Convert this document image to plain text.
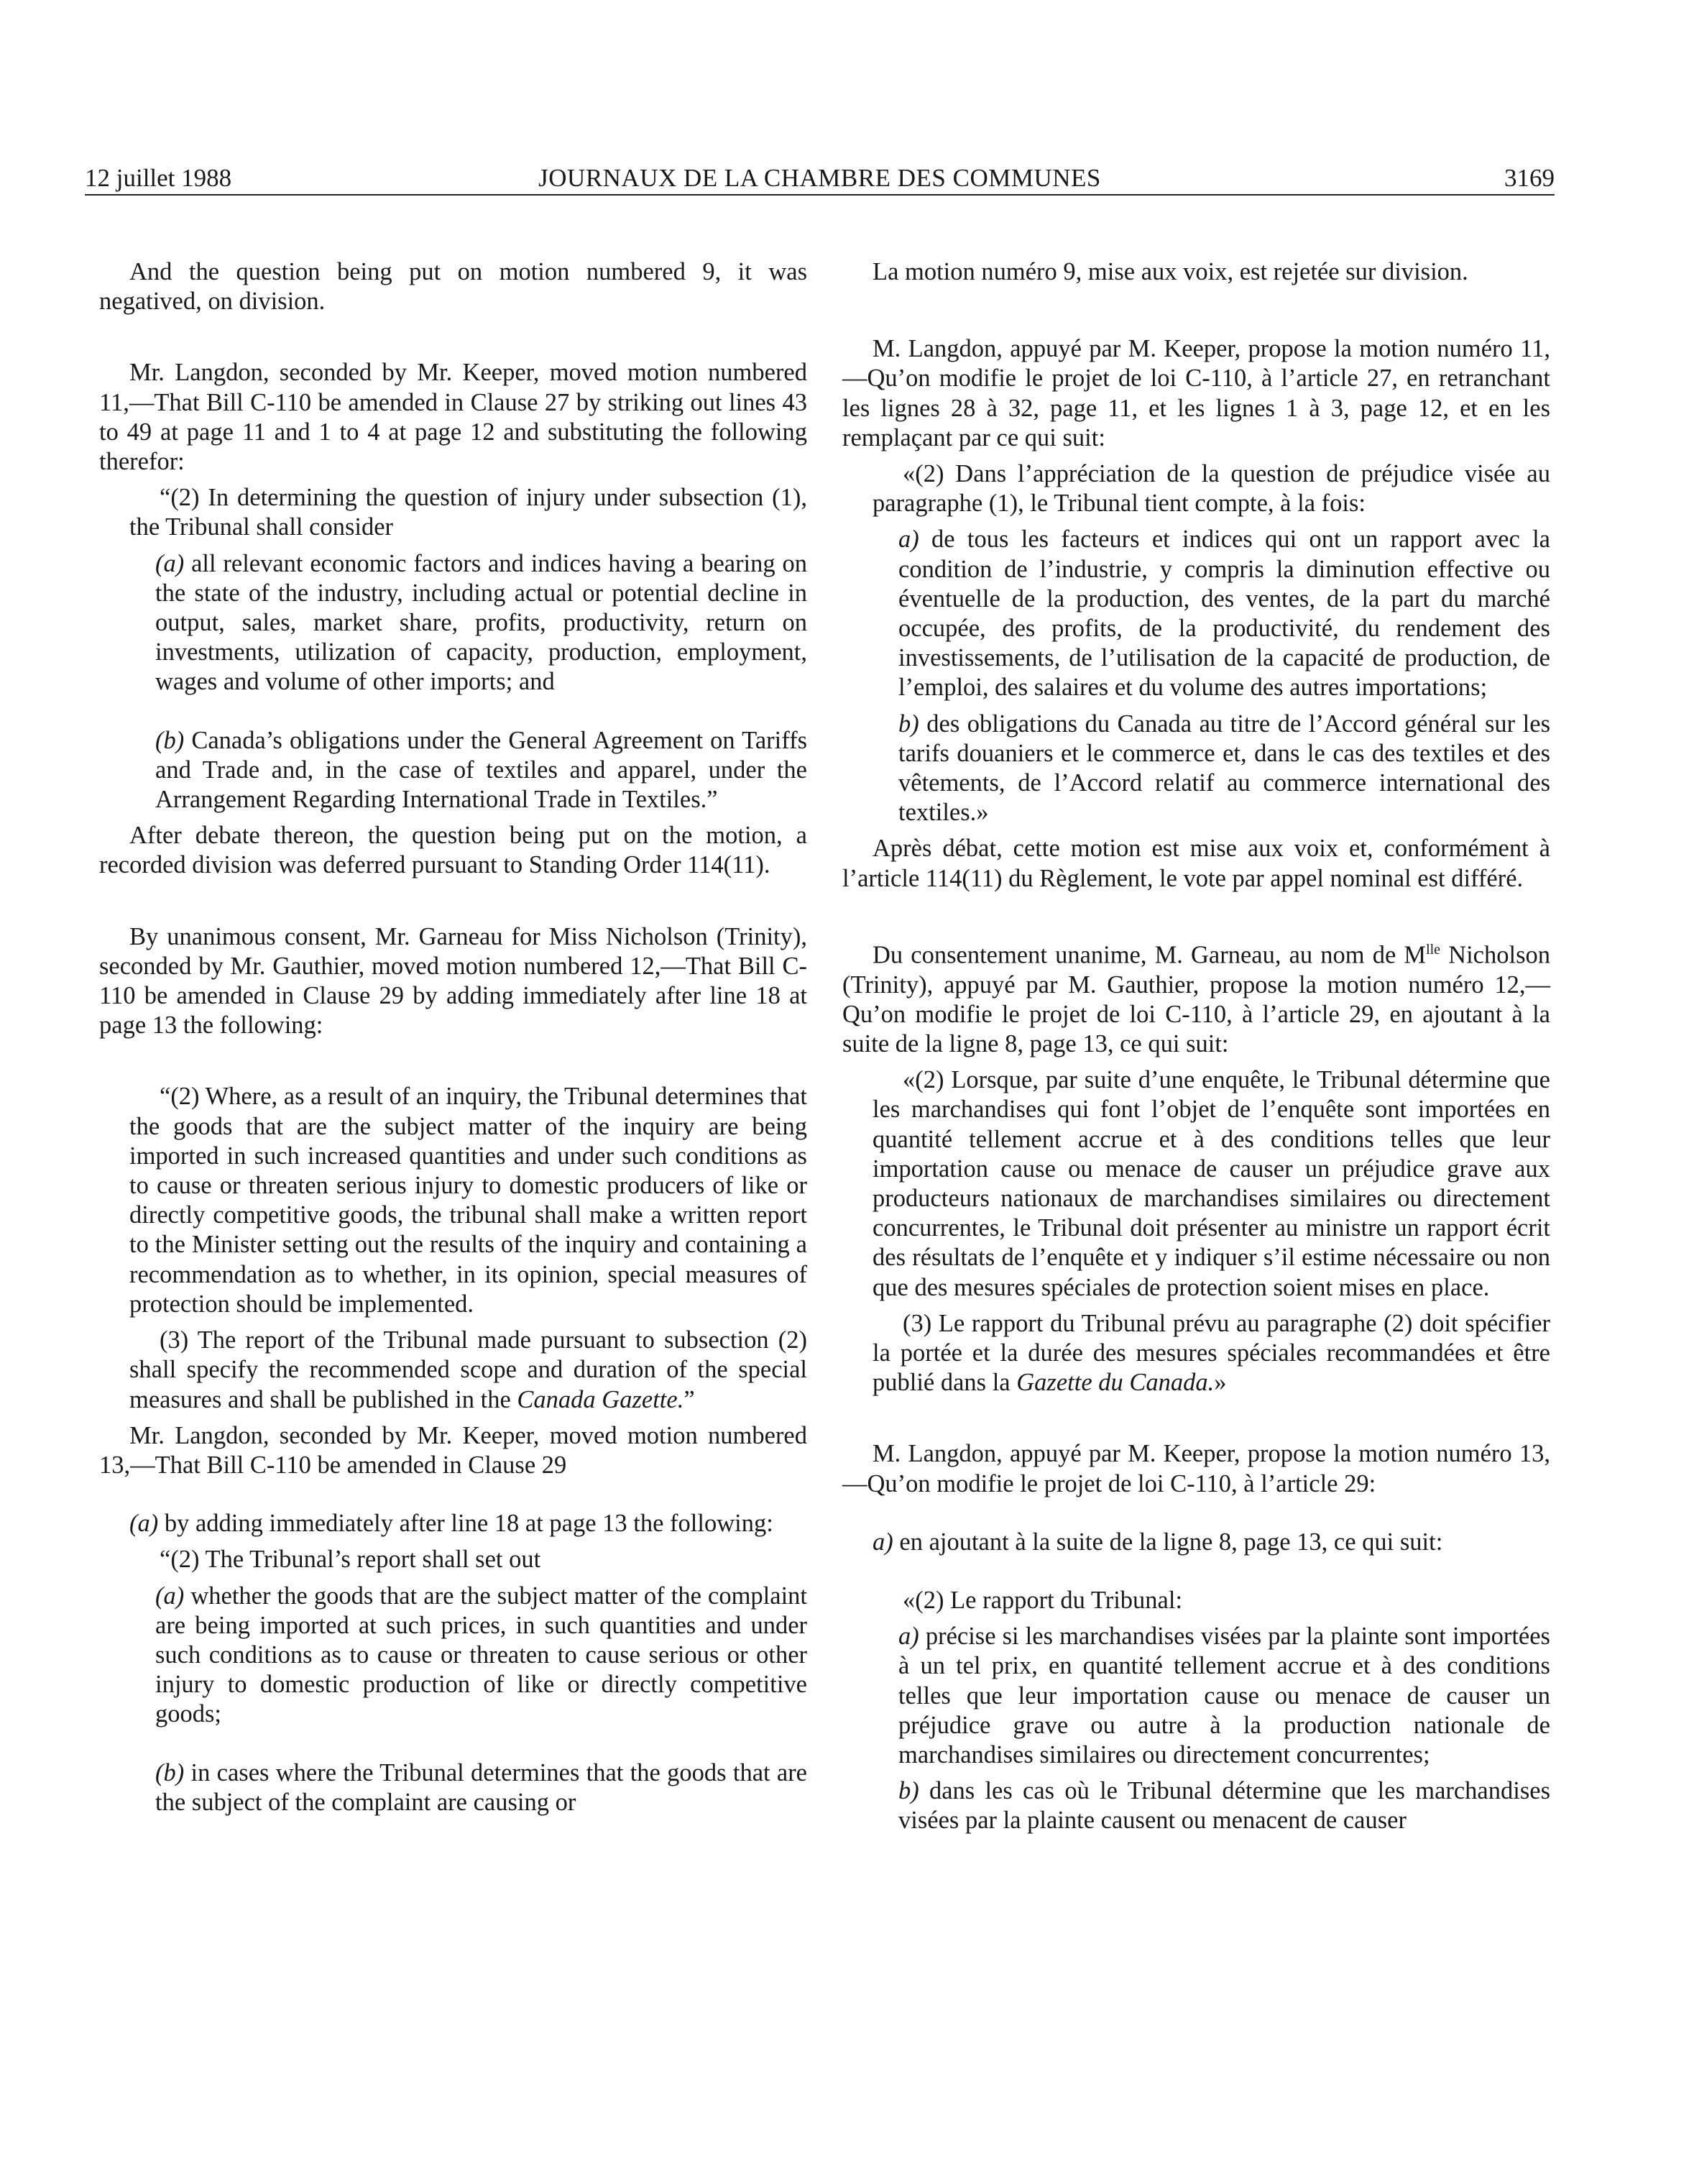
12 juillet 1988	JOURNAUX DE LA CHAMBRE DES COMMUNES	3169

And the question being put on motion numbered 9, it was negatived, on division.

Mr. Langdon, seconded by Mr. Keeper, moved motion numbered 11,—That Bill C-110 be amended in Clause 27 by striking out lines 43 to 49 at page 11 and 1 to 4 at page 12 and substituting the following therefor:

“(2) In determining the question of injury under subsection (1), the Tribunal shall consider

(a) all relevant economic factors and indices having a bearing on the state of the industry, including actual or potential decline in output, sales, market share, profits, productivity, return on investments, utilization of capacity, production, employment, wages and volume of other imports; and

(b) Canada’s obligations under the General Agreement on Tariffs and Trade and, in the case of textiles and apparel, under the Arrangement Regarding International Trade in Textiles.”

After debate thereon, the question being put on the motion, a recorded division was deferred pursuant to Standing Order 114(11).

By unanimous consent, Mr. Garneau for Miss Nicholson (Trinity), seconded by Mr. Gauthier, moved motion numbered 12,—That Bill C-110 be amended in Clause 29 by adding immediately after line 18 at page 13 the following:

“(2) Where, as a result of an inquiry, the Tribunal determines that the goods that are the subject matter of the inquiry are being imported in such increased quantities and under such conditions as to cause or threaten serious injury to domestic producers of like or directly competitive goods, the tribunal shall make a written report to the Minister setting out the results of the inquiry and containing a recommendation as to whether, in its opinion, special measures of protection should be implemented.

(3) The report of the Tribunal made pursuant to subsection (2) shall specify the recommended scope and duration of the special measures and shall be published in the Canada Gazette.”

Mr. Langdon, seconded by Mr. Keeper, moved motion numbered 13,—That Bill C-110 be amended in Clause 29

(a) by adding immediately after line 18 at page 13 the following:

“(2) The Tribunal’s report shall set out

(a) whether the goods that are the subject matter of the complaint are being imported at such prices, in such quantities and under such conditions as to cause or threaten to cause serious or other injury to domestic production of like or directly competitive goods;

(b) in cases where the Tribunal determines that the goods that are the subject of the complaint are causing or

La motion numéro 9, mise aux voix, est rejetée sur division.

M. Langdon, appuyé par M. Keeper, propose la motion numéro 11,—Qu’on modifie le projet de loi C-110, à l’article 27, en retranchant les lignes 28 à 32, page 11, et les lignes 1 à 3, page 12, et en les remplaçant par ce qui suit:

«(2) Dans l’appréciation de la question de préjudice visée au paragraphe (1), le Tribunal tient compte, à la fois:

a) de tous les facteurs et indices qui ont un rapport avec la condition de l’industrie, y compris la diminution effective ou éventuelle de la production, des ventes, de la part du marché occupée, des profits, de la productivité, du rendement des investissements, de l’utilisation de la capacité de production, de l’emploi, des salaires et du volume des autres importations;

b) des obligations du Canada au titre de l’Accord général sur les tarifs douaniers et le commerce et, dans le cas des textiles et des vêtements, de l’Accord relatif au commerce international des textiles.»

Après débat, cette motion est mise aux voix et, conformément à l’article 114(11) du Règlement, le vote par appel nominal est différé.

Du consentement unanime, M. Garneau, au nom de $M^{lle}$ Nicholson (Trinity), appuyé par M. Gauthier, propose la motion numéro 12,—Qu’on modifie le projet de loi C-110, à l’article 29, en ajoutant à la suite de la ligne 8, page 13, ce qui suit:

«(2) Lorsque, par suite d’une enquête, le Tribunal détermine que les marchandises qui font l’objet de l’enquête sont importées en quantité tellement accrue et à des conditions telles que leur importation cause ou menace de causer un préjudice grave aux producteurs nationaux de marchandises similaires ou directement concurrentes, le Tribunal doit présenter au ministre un rapport écrit des résultats de l’enquête et y indiquer s’il estime nécessaire ou non que des mesures spéciales de protection soient mises en place.

(3) Le rapport du Tribunal prévu au paragraphe (2) doit spécifier la portée et la durée des mesures spéciales recommandées et être publié dans la Gazette du Canada.»

M. Langdon, appuyé par M. Keeper, propose la motion numéro 13,—Qu’on modifie le projet de loi C-110, à l’article 29:

a) en ajoutant à la suite de la ligne 8, page 13, ce qui suit:

«(2) Le rapport du Tribunal:

a) précise si les marchandises visées par la plainte sont importées à un tel prix, en quantité tellement accrue et à des conditions telles que leur importation cause ou menace de causer un préjudice grave ou autre à la production nationale de marchandises similaires ou directement concurrentes;

b) dans les cas où le Tribunal détermine que les marchandises visées par la plainte causent ou menacent de causer
